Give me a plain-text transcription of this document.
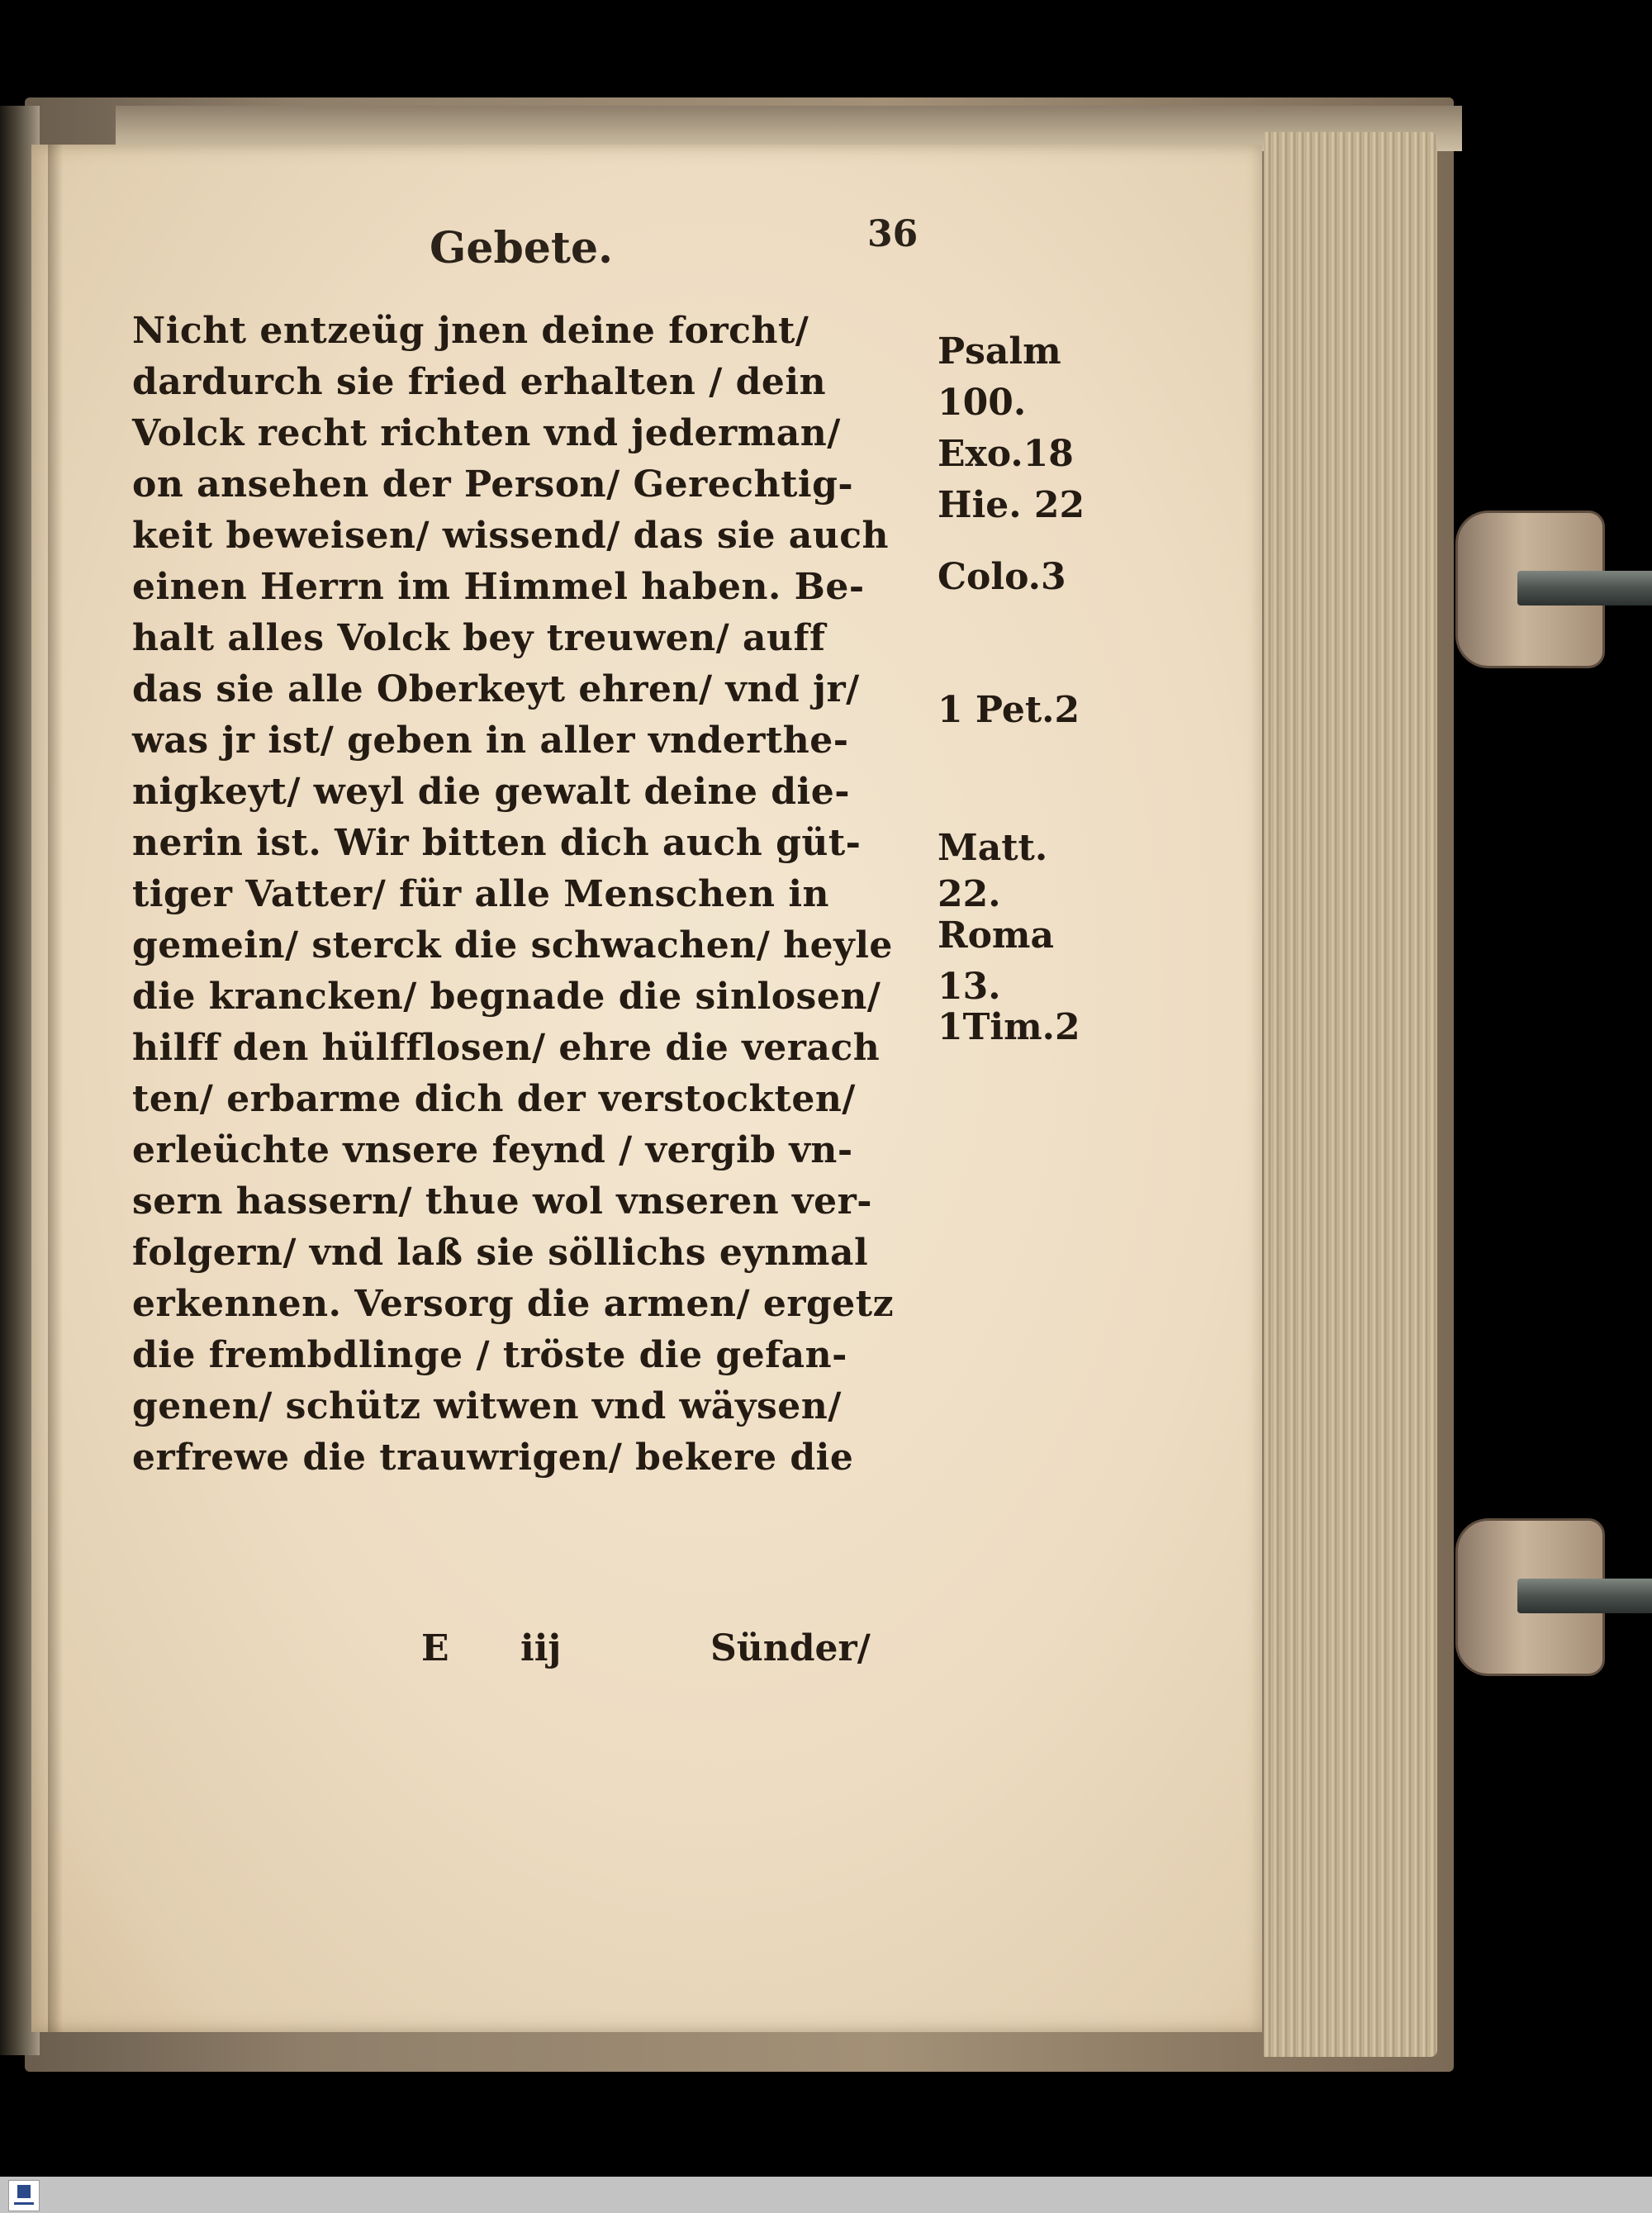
Gebete.	36
Nicht entzeüg jnen deine forcht/
dardurch sie fried erhalten / dein
Volck recht richten vnd jederman/
on ansehen der Person/ Gerechtig-
keit beweisen/ wissend/ das sie auch
einen Herrn im Himmel haben. Be-
halt alles Volck bey treuwen/ auff
das sie alle Oberkeyt ehren/ vnd jr/
was jr ist/ geben in aller vnderthe-
nigkeyt/ weyl die gewalt deine die-
nerin ist. Wir bitten dich auch güt-
tiger Vatter/ für alle Menschen in
gemein/ sterck die schwachen/ heyle
die krancken/ begnade die sinlosen/
hilff den hülfflosen/ ehre die verach
ten/ erbarme dich der verstockten/
erleüchte vnsere feynd / vergib vn-
sern hassern/ thue wol vnseren ver-
folgern/ vnd laß sie söllichs eynmal
erkennen. Versorg die armen/ ergetz
die frembdlinge / tröste die gefan-
genen/ schütz witwen vnd wäysen/
erfrewe die trauwrigen/ bekere die
Psalm
100.
Exo.18
Hie. 22
Colo.3
1 Pet.2
Matt.
22.
Roma
13.
1Tim.2
E iij	Sünder/
